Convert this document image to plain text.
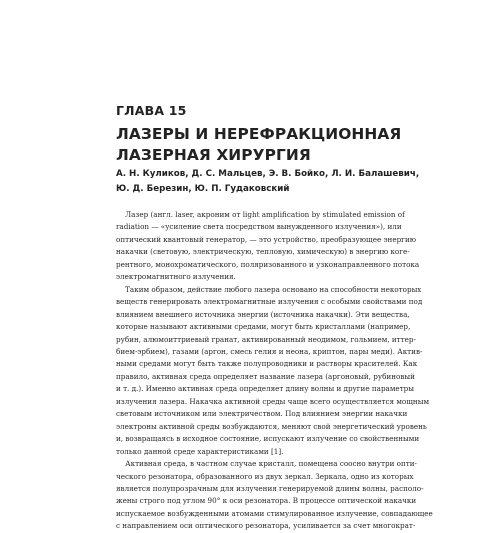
ГЛАВА 15
ЛАЗЕРЫ И НЕРЕФРАКЦИОННАЯ
ЛАЗЕРНАЯ ХИРУРГИЯ
А. Н. Куликов, Д. С. Мальцев, Э. В. Бойко, Л. И. Балашевич,
Ю. Д. Березин, Ю. П. Гудаковский
Лазер (англ. laser, акроним от light amplification by stimulated emission of
radiation — «усиление света посредством вынужденного излучения»), или
оптический квантовый генератор, — это устройство, преобразующее энергию
накачки (световую, электрическую, тепловую, химическую) в энергию коге-
рентного, монохроматического, поляризованного и узконаправленного потока
электромагнитного излучения.
Таким образом, действие любого лазера основано на способности некоторых
веществ генерировать электромагнитные излучения с особыми свойствами под
влиянием внешнего источника энергии (источника накачки). Эти вещества,
которые называют активными средами, могут быть кристаллами (например,
рубин, алюмоиттриевый гранат, активированный неодимом, гольмием, иттер-
бием-эрбием), газами (аргон, смесь гелия и неона, криптон, пары меди). Актив-
ными средами могут быть также полупроводники и растворы красителей. Как
правило, активная среда определяет название лазера (аргоновый, рубиновый
и т. д.). Именно активная среда определяет длину волны и другие параметры
излучения лазера. Накачка активной среды чаще всего осуществляется мощным
световым источником или электричеством. Под влиянием энергии накачки
электроны активной среды возбуждаются, меняют свой энергетический уровень
и, возвращаясь в исходное состояние, испускают излучение со свойственными
только данной среде характеристиками [1].
Активная среда, в частном случае кристалл, помещена соосно внутри опти-
ческого резонатора, образованного из двух зеркал. Зеркала, одно из которых
является полупрозрачным для излучения генерируемой длины волны, располо-
жены строго под углом 90° к оси резонатора. В процессе оптической накачки
испускаемое возбужденными атомами стимулированное излучение, совпадающее
с направлением оси оптического резонатора, усиливается за счет многократ-
